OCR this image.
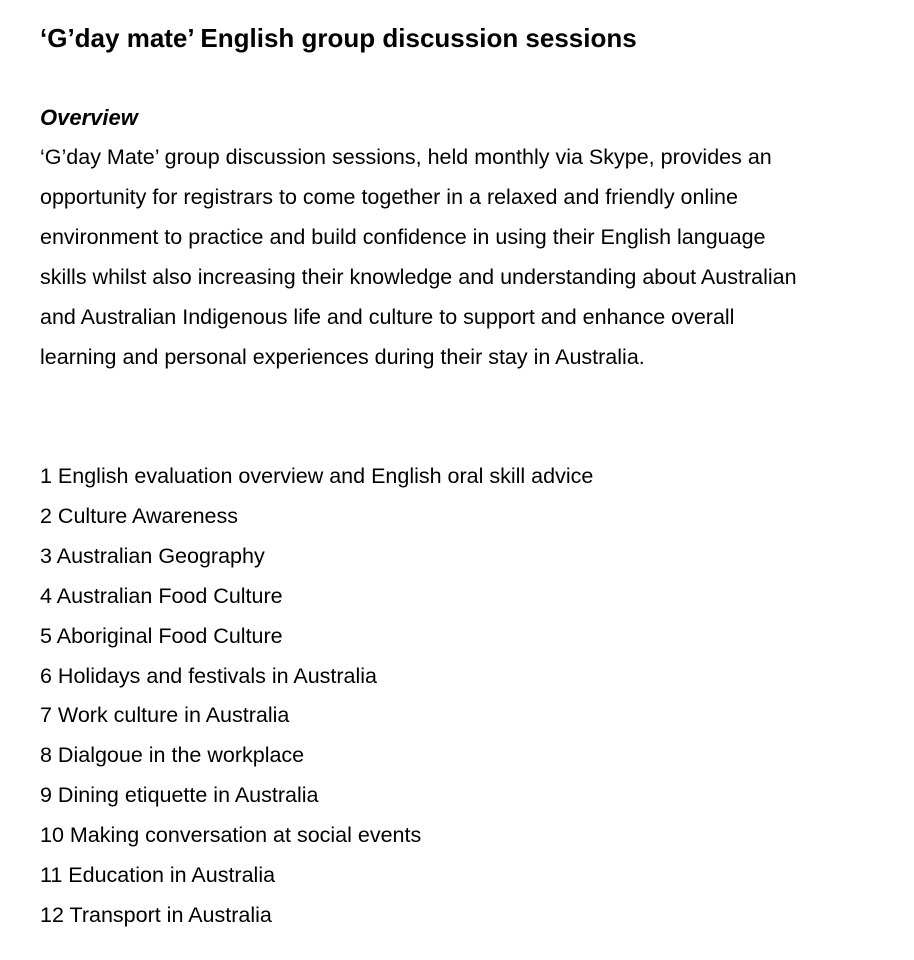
‘G’day mate’ English group discussion sessions
Overview

‘G’day Mate’ group discussion sessions, held monthly via Skype, provides an
opportunity for registrars to come together in a relaxed and friendly online
environment to practice and build confidence in using their English language
skills whilst also increasing their knowledge and understanding about Australian
and Australian Indigenous life and culture to support and enhance overall
learning and personal experiences during their stay in Australia.

1 English evaluation overview and English oral skill advice
2 Culture Awareness
3 Australian Geography
4 Australian Food Culture
5 Aboriginal Food Culture
6 Holidays and festivals in Australia
7 Work culture in Australia
8 Dialgoue in the workplace
9 Dining etiquette in Australia
10 Making conversation at social events
11 Education in Australia
12 Transport in Australia
